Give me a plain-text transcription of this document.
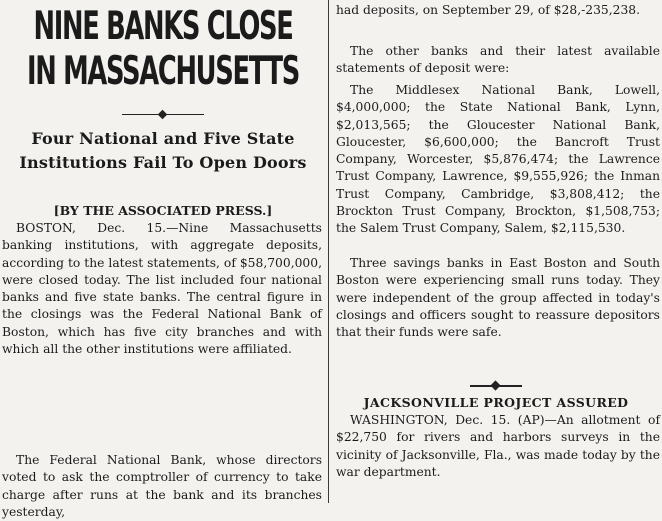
NINE BANKS CLOSE
IN MASSACHUSETTS
Four National and Five State Institutions Fail To Open Doors
[BY THE ASSOCIATED PRESS.]

BOSTON, Dec. 15.—Nine Massachusetts banking institutions, with aggregate deposits, according to the latest statements, of $58,700,000, were closed today. The list included four national banks and five state banks. The central figure in the closings was the Federal National Bank of Boston, which has five city branches and with which all the other institutions were affiliated.

The Federal National Bank, whose directors voted to ask the comptroller of currency to take charge after runs at the bank and its branches yesterday,

had deposits, on September 29, of $28,-235,238.

The other banks and their latest available statements of deposit were:

The Middlesex National Bank, Lowell, $4,000,000; the State National Bank, Lynn, $2,013,565; the Gloucester National Bank, Gloucester, $6,600,000; the Bancroft Trust Company, Worcester, $5,876,474; the Lawrence Trust Company, Lawrence, $9,555,926; the Inman Trust Company, Cambridge, $3,808,412; the Brockton Trust Company, Brockton, $1,508,753; the Salem Trust Company, Salem, $2,115,530.

Three savings banks in East Boston and South Boston were experiencing small runs today. They were independent of the group affected in today's closings and officers sought to reassure depositors that their funds were safe.

JACKSONVILLE PROJECT ASSURED

WASHINGTON, Dec. 15. (AP)—An allotment of $22,750 for rivers and harbors surveys in the vicinity of Jacksonville, Fla., was made today by the war department.
